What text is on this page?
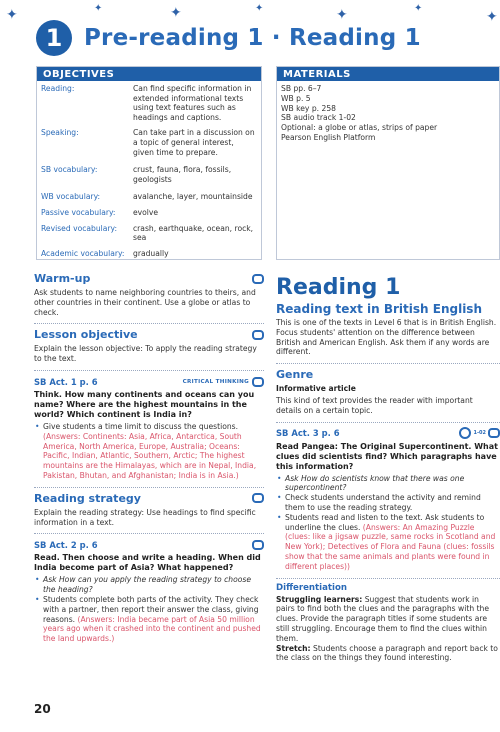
✦	✦	✦	✦	✦	✦
✦
1 Pre-reading 1 · Reading 1
OBJECTIVES
Reading:	Can find specific information in extended informational texts using text features such as headings and captions.
Speaking:	Can take part in a discussion on a topic of general interest, given time to prepare.
SB vocabulary:	crust, fauna, flora, fossils, geologists
WB vocabulary:	avalanche, layer, mountainside
Passive vocabulary:	evolve
Revised vocabulary:	crash, earthquake, ocean, rock, sea
Academic vocabulary:	gradually
MATERIALS
SB pp. 6–7
WB p. 5
WB key p. 258
SB audio track 1-02
Optional: a globe or atlas, strips of paper
Pearson English Platform
Warm-up
Ask students to name neighboring countries to theirs, and other countries in their continent. Use a globe or atlas to check.
Lesson objective
Explain the lesson objective: To apply the reading strategy to the text.
SB Act. 1 p. 6	CRITICAL THINKING
Think. How many continents and oceans can you name? Where are the highest mountains in the world? Which continent is India in?
• Give students a time limit to discuss the questions. (Answers: Continents: Asia, Africa, Antarctica, South America, North America, Europe, Australia; Oceans: Pacific, Indian, Atlantic, Southern, Arctic; The highest mountains are the Himalayas, which are in Nepal, India, Pakistan, Bhutan, and Afghanistan; India is in Asia.)
Reading strategy
Explain the reading strategy: Use headings to find specific information in a text.
SB Act. 2 p. 6
Read. Then choose and write a heading. When did India become part of Asia? What happened?
• Ask How can you apply the reading strategy to choose the heading?
• Students complete both parts of the activity. They check with a partner, then report their answer the class, giving reasons. (Answers: India became part of Asia 50 million years ago when it crashed into the continent and pushed the land upwards.)
Reading 1
Reading text in British English
This is one of the texts in Level 6 that is in British English. Focus students' attention on the difference between British and American English. Ask them if any words are different.
Genre
Informative article
This kind of text provides the reader with important details on a certain topic.
SB Act. 3 p. 6	1-02
Read Pangea: The Original Supercontinent. What clues did scientists find? Which paragraphs have this information?
• Ask How do scientists know that there was one supercontinent?
• Check students understand the activity and remind them to use the reading strategy.
• Students read and listen to the text. Ask students to underline the clues. (Answers: An Amazing Puzzle (clues: like a jigsaw puzzle, same rocks in Scotland and New York); Detectives of Flora and Fauna (clues: fossils show that the same animals and plants were found in different places))
Differentiation
Struggling learners: Suggest that students work in pairs to find both the clues and the paragraphs with the clues. Provide the paragraph titles if some students are still struggling. Encourage them to find the clues within them.
Stretch: Students choose a paragraph and report back to the class on the things they found interesting.
20
